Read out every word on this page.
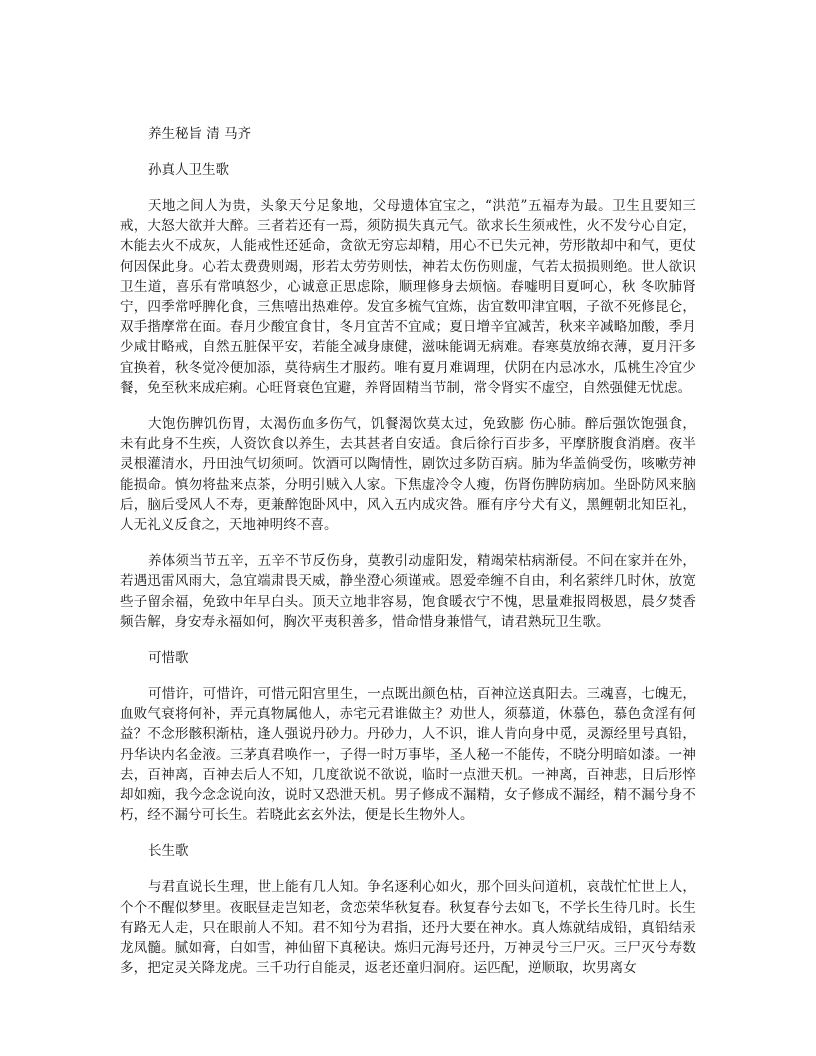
养生秘旨 清 马齐
孙真人卫生歌

天地之间人为贵，头象天兮足象地，父母遗体宜宝之，“洪范”五福寿为最。卫生且要知三戒，大怒大欲并大醉。三者若还有一焉，须防损失真元气。欲求长生须戒性，火不发兮心自定，木能去火不成灰，人能戒性还延命，贪欲无穷忘却精，用心不已失元神，劳形散却中和气，更仗何因保此身。心若太费费则竭，形若太劳劳则怯，神若太伤伤则虚，气若太损损则绝。世人欲识卫生道，喜乐有常嗔怒少，心诚意正思虑除，顺理修身去烦恼。春嘘明目夏呵心，秋 冬吹肺肾宁，四季常呼脾化食，三焦嘻出热难停。发宜多梳气宜炼，齿宜数叩津宜咽，子欲不死修昆仑，双手揩摩常在面。春月少酸宜食甘，冬月宜苦不宜咸；夏日增辛宜减苦，秋来辛减略加酸，季月少咸甘略戒，自然五脏保平安，若能全减身康健，滋味能调无病难。春寒莫放绵衣薄，夏月汗多宜换着，秋冬觉冷便加添，莫待病生才服药。唯有夏月难调理，伏阴在内忌冰水，瓜桃生冷宜少餐，免至秋来成疟痢。心旺肾衰色宜避，养肾固精当节制，常令肾实不虚空，自然强健无忧虑。

大饱伤脾饥伤胃，太渴伤血多伤气，饥餐渴饮莫太过，免致膨 伤心肺。醉后强饮饱强食，未有此身不生疾，人资饮食以养生，去其甚者自安适。食后徐行百步多，平摩脐腹食消磨。夜半灵根灌清水，丹田浊气切须呵。饮酒可以陶情性，剧饮过多防百病。肺为华盖倘受伤，咳嗽劳神能损命。慎勿将盐来点茶，分明引贼入人家。下焦虚冷令人瘦，伤肾伤脾防病加。坐卧防风来脑后，脑后受风人不寿，更兼醉饱卧风中，风入五内成灾咎。雁有序兮犬有义，黑鲤朝北知臣礼，人无礼义反食之，天地神明终不喜。

养体须当节五辛，五辛不节反伤身，莫教引动虚阳发，精竭荣枯病渐侵。不问在家并在外，若遇迅雷风雨大，急宜端肃畏天威，静坐澄心须谨戒。恩爱牵缠不自由，利名萦绊几时休，放宽些子留余福，免致中年早白头。顶天立地非容易，饱食暖衣宁不愧，思量难报罔极恩，晨夕焚香频告解，身安寿永福如何，胸次平夷积善多，惜命惜身兼惜气，请君熟玩卫生歌。

可惜歌

可惜许，可惜许，可惜元阳宫里生，一点既出颜色枯，百神泣送真阳去。三魂喜，七魄无，血败气衰将何补，弄元真物属他人，赤宅元君谁做主？劝世人，须慕道，休慕色，慕色贪淫有何益？不念形骸积渐枯，逢人强说丹砂力。丹砂力，人不识，谁人肯向身中觅，灵源经里号真铅，丹华诀内名金液。三茅真君唤作一，子得一时万事毕，圣人秘一不能传，不晓分明暗如漆。一神去，百神离，百神去后人不知，几度欲说不欲说，临时一点泄天机。一神离，百神悲，日后形悴却如痴，我今念念说向汝，说时又恐泄天机。男子修成不漏精，女子修成不漏经，精不漏兮身不朽，经不漏兮可长生。若晓此玄玄外法，便是长生物外人。

长生歌

与君直说长生理，世上能有几人知。争名逐利心如火，那个回头问道机，哀哉忙忙世上人，个个不醒似梦里。夜眠昼走岂知老，贪恋荣华秋复春。秋复春兮去如飞，不学长生待几时。长生有路无人走，只在眼前人不知。君不知兮为君指，还丹大要在神水。真人炼就结成铅，真铅结汞龙凤髓。腻如膏，白如雪，神仙留下真秘诀。炼归元海号还丹，万神灵兮三尸灭。三尸灭兮寿数多，把定灵关降龙虎。三千功行自能灵，返老还童归洞府。运匹配，逆顺取，坎男离女
